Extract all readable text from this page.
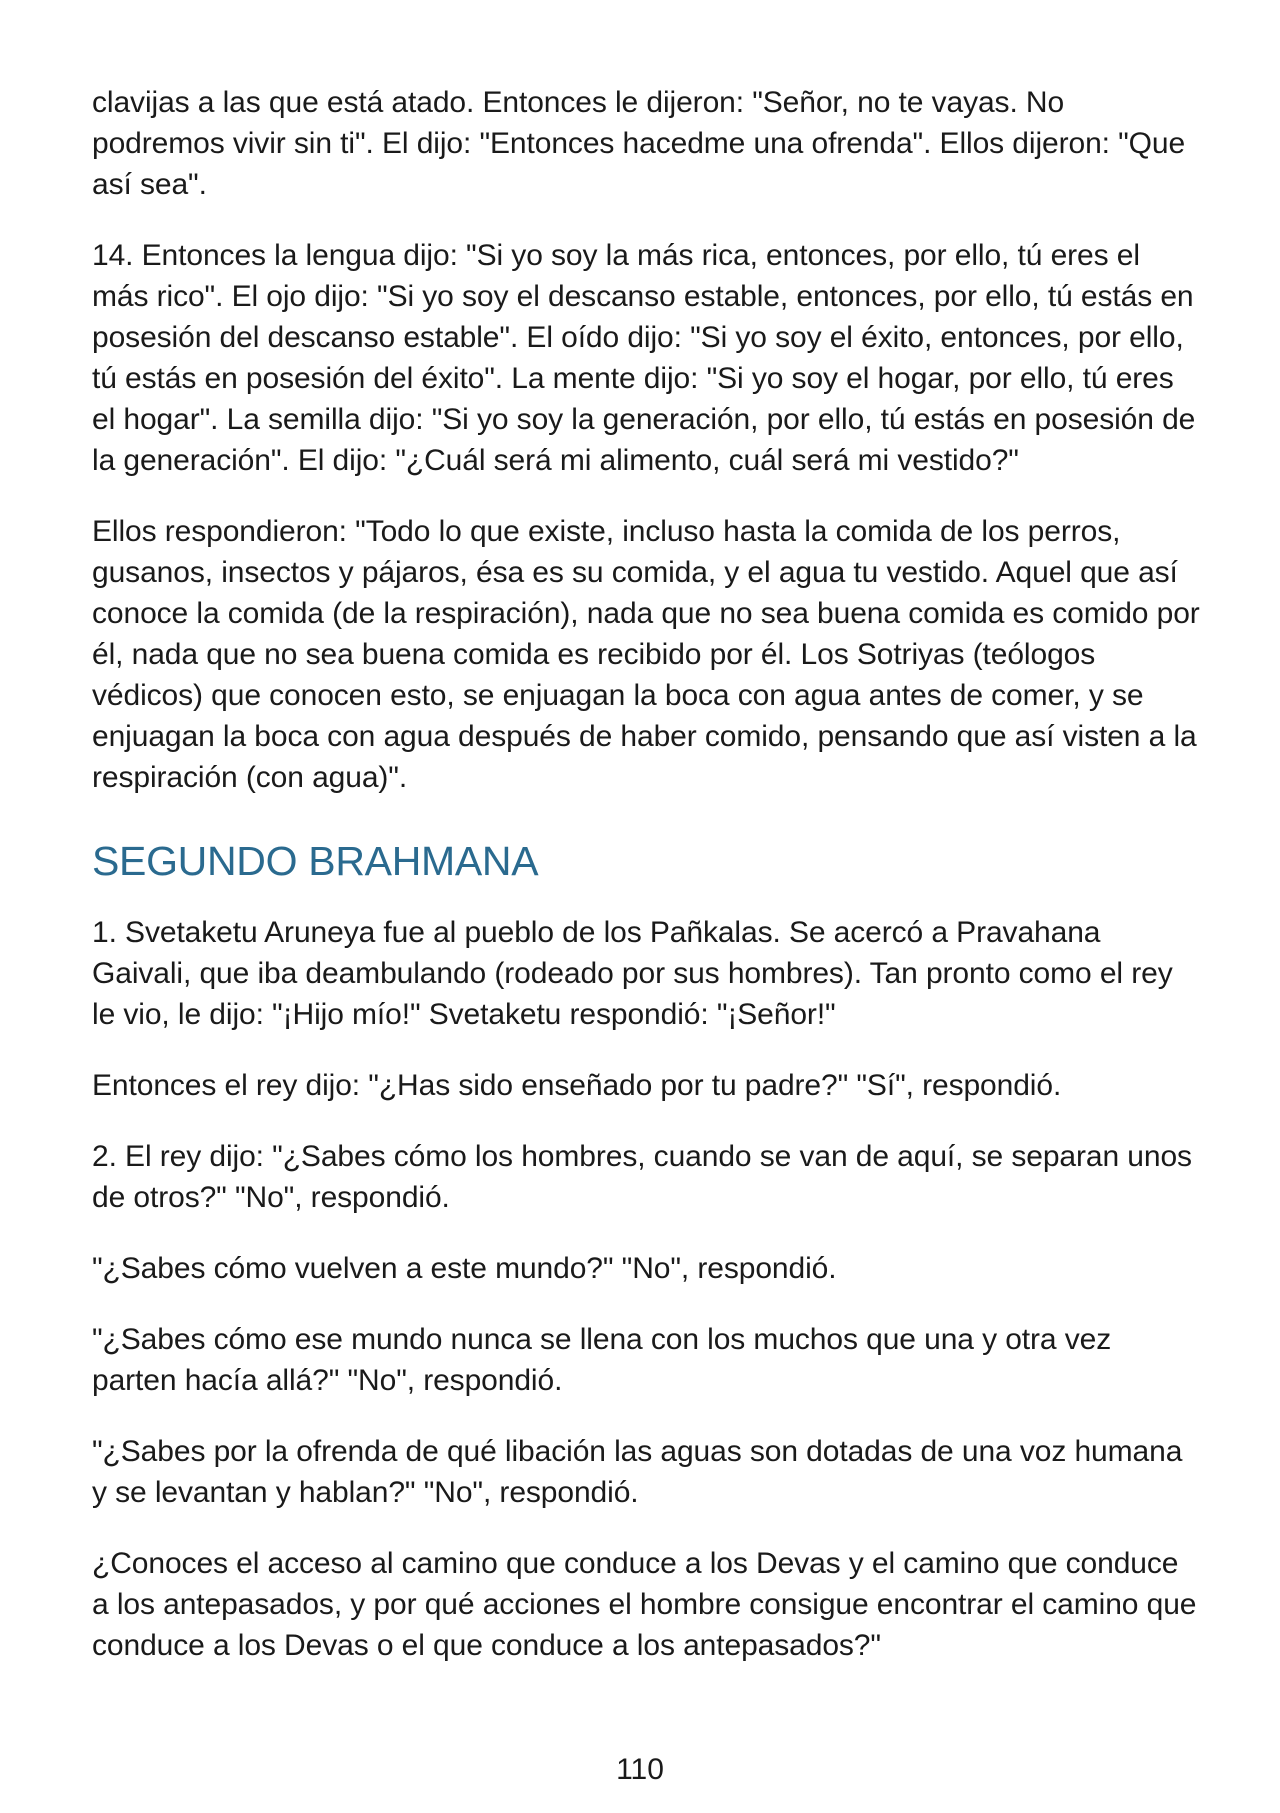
clavijas a las que está atado. Entonces le dijeron: "Señor, no te vayas. No podremos vivir sin ti". El dijo: "Entonces hacedme una ofrenda". Ellos dijeron: "Que así sea".

14. Entonces la lengua dijo: "Si yo soy la más rica, entonces, por ello, tú eres el más rico". El ojo dijo: "Si yo soy el descanso estable, entonces, por ello, tú estás en posesión del descanso estable". El oído dijo: "Si yo soy el éxito, entonces, por ello, tú estás en posesión del éxito". La mente dijo: "Si yo soy el hogar, por ello, tú eres el hogar". La semilla dijo: "Si yo soy la generación, por ello, tú estás en posesión de la generación". El dijo: "¿Cuál será mi alimento, cuál será mi vestido?"

Ellos respondieron: "Todo lo que existe, incluso hasta la comida de los perros, gusanos, insectos y pájaros, ésa es su comida, y el agua tu vestido. Aquel que así conoce la comida (de la respiración), nada que no sea buena comida es comido por él, nada que no sea buena comida es recibido por él. Los Sotriyas (teólogos védicos) que conocen esto, se enjuagan la boca con agua antes de comer, y se enjuagan la boca con agua después de haber comido, pensando que así visten a la respiración (con agua)".

SEGUNDO BRAHMANA

1. Svetaketu Aruneya fue al pueblo de los Pañkalas. Se acercó a Pravahana Gaivali, que iba deambulando (rodeado por sus hombres). Tan pronto como el rey le vio, le dijo: "¡Hijo mío!" Svetaketu respondió: "¡Señor!"

Entonces el rey dijo: "¿Has sido enseñado por tu padre?" "Sí", respondió.

2. El rey dijo: "¿Sabes cómo los hombres, cuando se van de aquí, se separan unos de otros?" "No", respondió.

"¿Sabes cómo vuelven a este mundo?" "No", respondió.

"¿Sabes cómo ese mundo nunca se llena con los muchos que una y otra vez parten hacía allá?" "No", respondió.

"¿Sabes por la ofrenda de qué libación las aguas son dotadas de una voz humana y se levantan y hablan?" "No", respondió.

¿Conoces el acceso al camino que conduce a los Devas y el camino que conduce a los antepasados, y por qué acciones el hombre consigue encontrar el camino que conduce a los Devas o el que conduce a los antepasados?"

110
